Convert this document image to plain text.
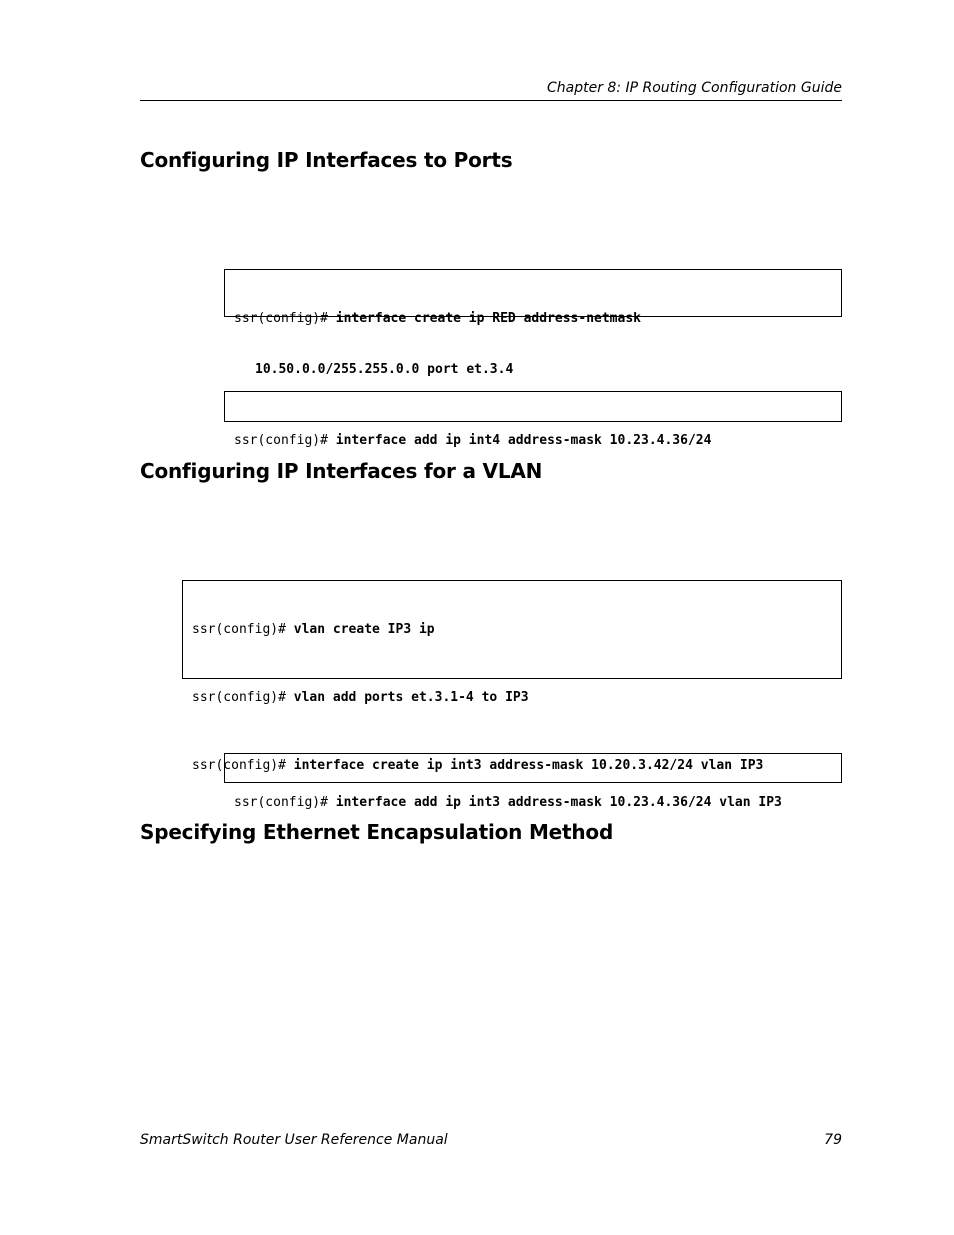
Chapter 8: IP Routing Configuration Guide
Configuring IP Interfaces to Ports

ssr(config)# interface create ip RED address-netmask

10.50.0.0/255.255.0.0 port et.3.4

ssr(config)# interface add ip int4 address-mask 10.23.4.36/24

Configuring IP Interfaces for a VLAN

ssr(config)# vlan create IP3 ip

ssr(config)# vlan add ports et.3.1-4 to IP3

ssr(config)# interface create ip int3 address-mask 10.20.3.42/24 vlan IP3

ssr(config)# interface add ip int3 address-mask 10.23.4.36/24 vlan IP3

Specifying Ethernet Encapsulation Method
SmartSwitch Router User Reference Manual	79
